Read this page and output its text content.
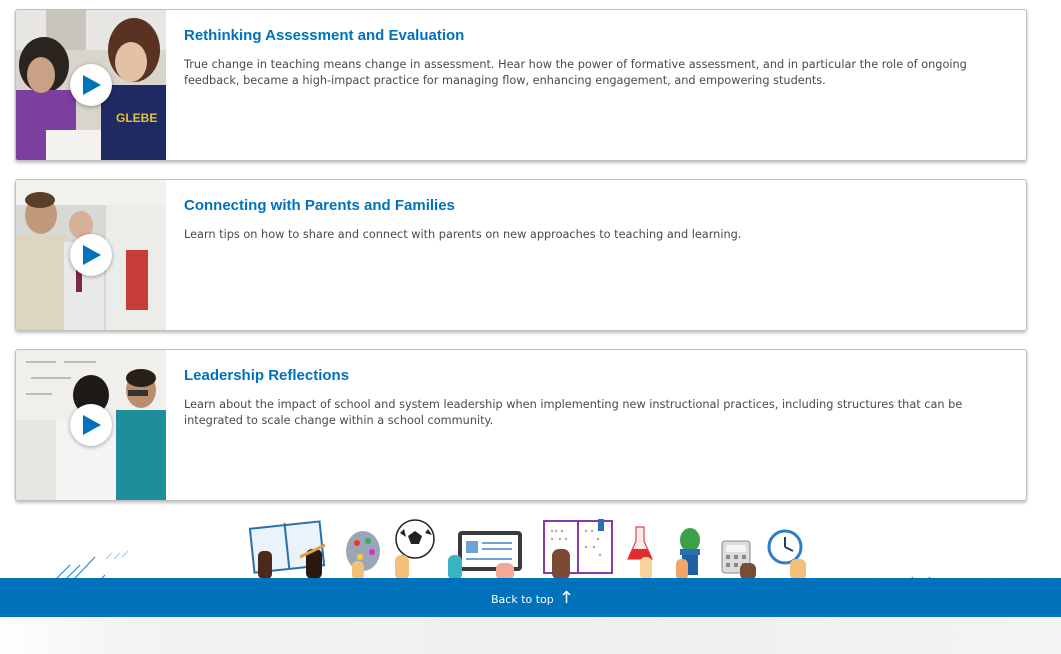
GLEBE
Rethinking Assessment and Evaluation

True change in teaching means change in assessment. Hear how the power of formative assessment, and in particular the role of ongoing feedback, became a high-impact practice for managing flow, enhancing engagement, and empowering students.

Connecting with Parents and Families

Learn tips on how to share and connect with parents on new approaches to teaching and learning.

Leadership Reflections

Learn about the impact of school and system leadership when implementing new instructional practices, including structures that can be integrated to scale change within a school community.

Back to top
